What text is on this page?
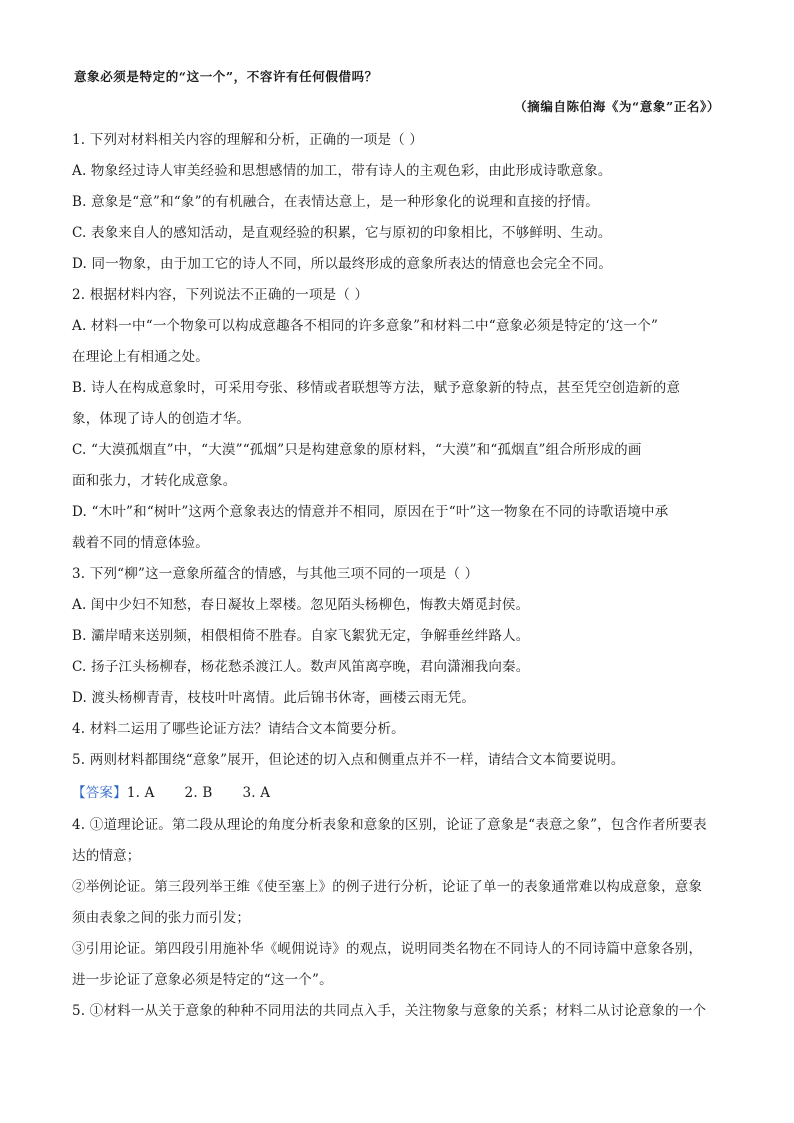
意象必须是特定的“这一个”，不容许有任何假借吗？
（摘编自陈伯海《为“意象”正名》）
1. 下列对材料相关内容的理解和分析，正确的一项是（ ）
A. 物象经过诗人审美经验和思想感情的加工，带有诗人的主观色彩，由此形成诗歌意象。
B. 意象是“意”和“象”的有机融合，在表情达意上，是一种形象化的说理和直接的抒情。
C. 表象来自人的感知活动，是直观经验的积累，它与原初的印象相比，不够鲜明、生动。
D. 同一物象，由于加工它的诗人不同，所以最终形成的意象所表达的情意也会完全不同。
2. 根据材料内容，下列说法不正确的一项是（ ）
A. 材料一中“一个物象可以构成意趣各不相同的许多意象”和材料二中“意象必须是特定的‘这一个”
在理论上有相通之处。
B. 诗人在构成意象时，可采用夸张、移情或者联想等方法，赋予意象新的特点，甚至凭空创造新的意
象，体现了诗人的创造才华。
C. “大漠孤烟直”中，“大漠”“孤烟”只是构建意象的原材料，“大漠”和“孤烟直”组合所形成的画
面和张力，才转化成意象。
D. “木叶”和“树叶”这两个意象表达的情意并不相同，原因在于“叶”这一物象在不同的诗歌语境中承
载着不同的情意体验。
3. 下列“柳”这一意象所蕴含的情感，与其他三项不同的一项是（ ）
A. 闺中少妇不知愁，春日凝妆上翠楼。忽见陌头杨柳色，悔教夫婿觅封侯。
B. 灞岸晴来送别频，相偎相倚不胜春。自家飞絮犹无定，争解垂丝绊路人。
C. 扬子江头杨柳春，杨花愁杀渡江人。数声风笛离亭晚，君向潇湘我向秦。
D. 渡头杨柳青青，枝枝叶叶离情。此后锦书休寄，画楼云雨无凭。
4. 材料二运用了哪些论证方法？请结合文本简要分析。
5. 两则材料都围绕“意象”展开，但论述的切入点和侧重点并不一样，请结合文本简要说明。
【答案】1. A 2. B 3. A
4. ①道理论证。第二段从理论的角度分析表象和意象的区别，论证了意象是“表意之象”，包含作者所要表
达的情意；
②举例论证。第三段列举王维《使至塞上》的例子进行分析，论证了单一的表象通常难以构成意象，意象
须由表象之间的张力而引发；
③引用论证。第四段引用施补华《岘佣说诗》的观点，说明同类名物在不同诗人的不同诗篇中意象各别，
进一步论证了意象必须是特定的“这一个”。
5. ①材料一从关于意象的种种不同用法的共同点入手，关注物象与意象的关系；材料二从讨论意象的一个
